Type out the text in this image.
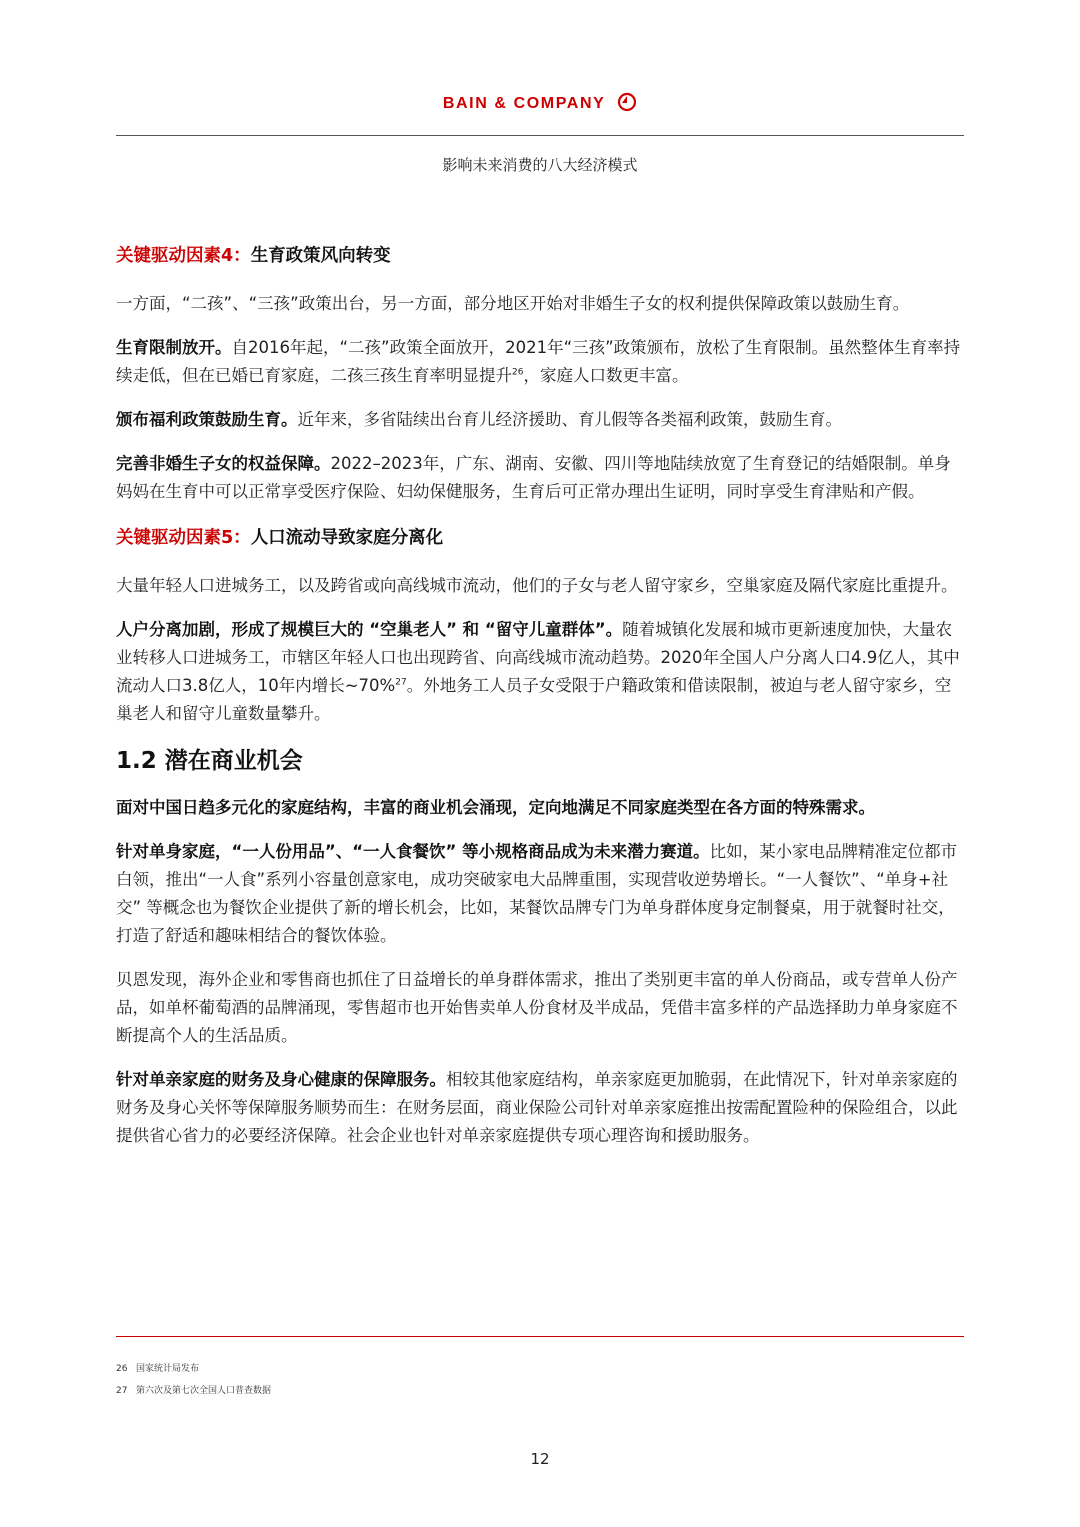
BAIN & COMPANY
影响未来消费的八大经济模式
关键驱动因素4：生育政策风向转变

一方面，“二孩”、“三孩”政策出台，另一方面，部分地区开始对非婚生子女的权利提供保障政策以鼓励生育。

生育限制放开。自2016年起，“二孩”政策全面放开，2021年“三孩”政策颁布，放松了生育限制。虽然整体生育率持续走低，但在已婚已育家庭，二孩三孩生育率明显提升$^{26}$，家庭人口数更丰富。

颁布福利政策鼓励生育。近年来，多省陆续出台育儿经济援助、育儿假等各类福利政策，鼓励生育。

完善非婚生子女的权益保障。2022–2023年，广东、湖南、安徽、四川等地陆续放宽了生育登记的结婚限制。单身妈妈在生育中可以正常享受医疗保险、妇幼保健服务，生育后可正常办理出生证明，同时享受生育津贴和产假。

关键驱动因素5：人口流动导致家庭分离化

大量年轻人口进城务工，以及跨省或向高线城市流动，他们的子女与老人留守家乡，空巢家庭及隔代家庭比重提升。

人户分离加剧，形成了规模巨大的 “空巢老人” 和 “留守儿童群体”。随着城镇化发展和城市更新速度加快，大量农业转移人口进城务工，市辖区年轻人口也出现跨省、向高线城市流动趋势。2020年全国人户分离人口4.9亿人，其中流动人口3.8亿人，10年内增长~70%$^{27}$。外地务工人员子女受限于户籍政策和借读限制，被迫与老人留守家乡，空巢老人和留守儿童数量攀升。

1.2 潜在商业机会

面对中国日趋多元化的家庭结构，丰富的商业机会涌现，定向地满足不同家庭类型在各方面的特殊需求。

针对单身家庭，“一人份用品”、“一人食餐饮” 等小规格商品成为未来潜力赛道。比如，某小家电品牌精准定位都市白领，推出“一人食”系列小容量创意家电，成功突破家电大品牌重围，实现营收逆势增长。“一人餐饮”、“单身+社交” 等概念也为餐饮企业提供了新的增长机会，比如，某餐饮品牌专门为单身群体度身定制餐桌，用于就餐时社交，打造了舒适和趣味相结合的餐饮体验。

贝恩发现，海外企业和零售商也抓住了日益增长的单身群体需求，推出了类别更丰富的单人份商品，或专营单人份产品，如单杯葡萄酒的品牌涌现，零售超市也开始售卖单人份食材及半成品，凭借丰富多样的产品选择助力单身家庭不断提高个人的生活品质。

针对单亲家庭的财务及身心健康的保障服务。相较其他家庭结构，单亲家庭更加脆弱，在此情况下，针对单亲家庭的财务及身心关怀等保障服务顺势而生：在财务层面，商业保险公司针对单亲家庭推出按需配置险种的保险组合，以此提供省心省力的必要经济保障。社会企业也针对单亲家庭提供专项心理咨询和援助服务。

26 国家统计局发布
27 第六次及第七次全国人口普查数据
12
